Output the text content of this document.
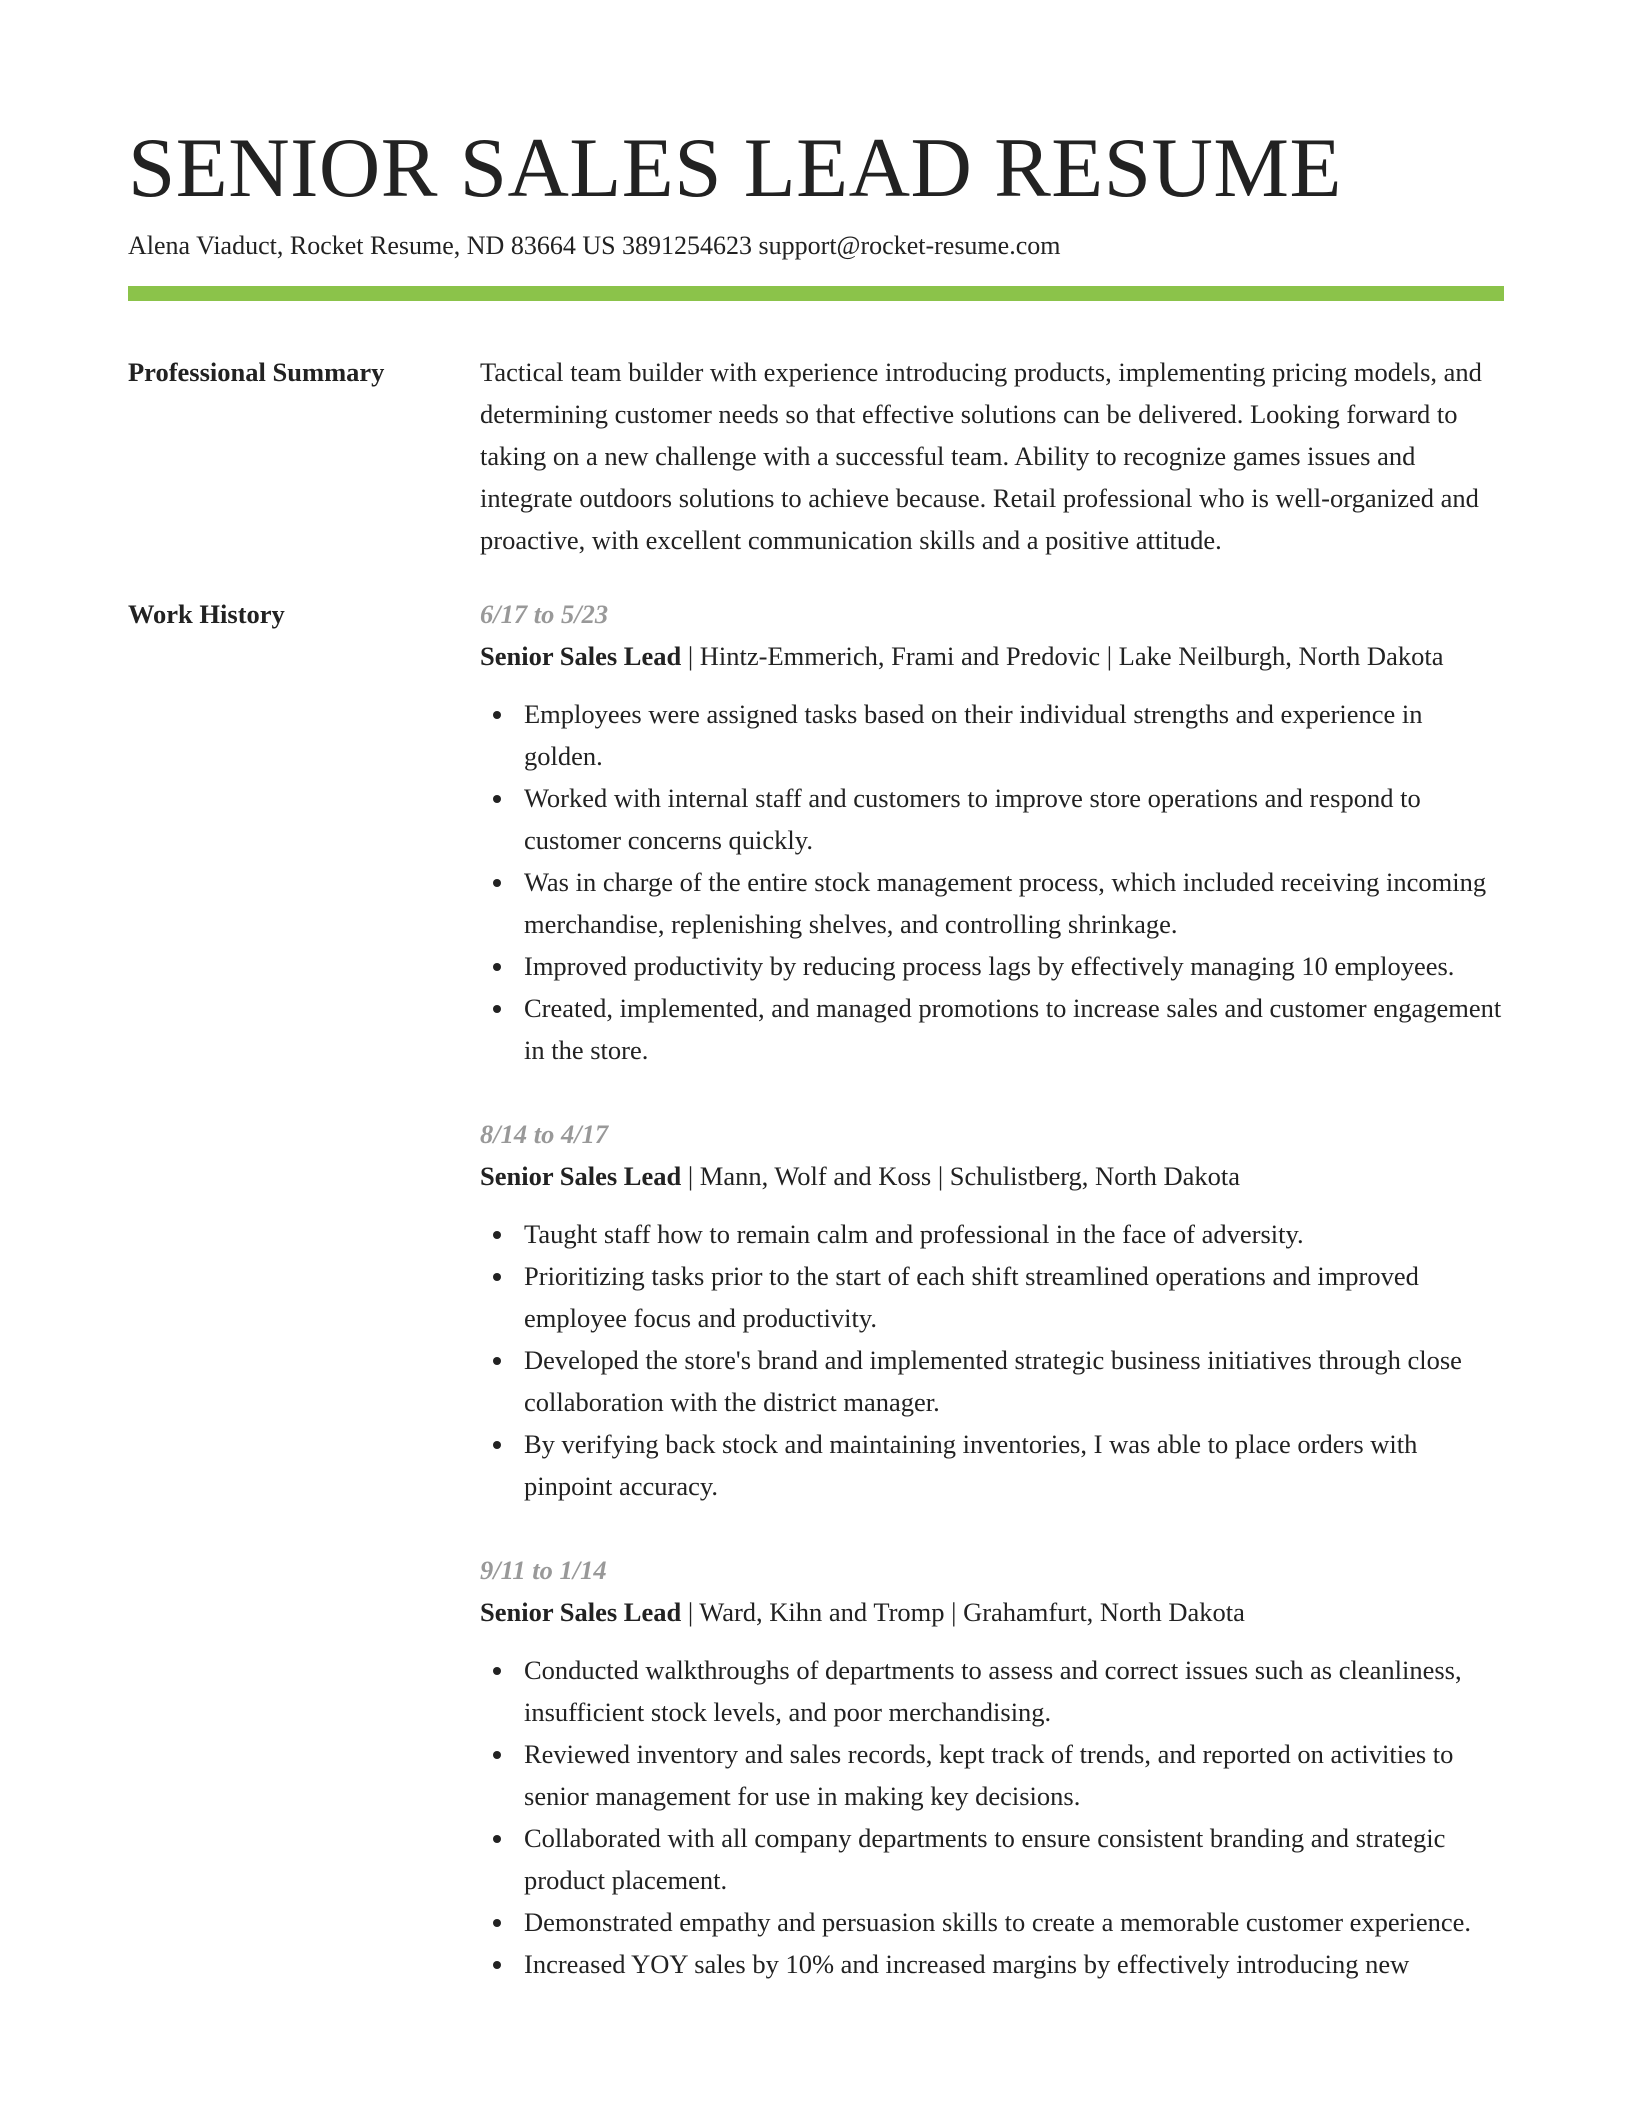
SENIOR SALES LEAD RESUME
Alena Viaduct, Rocket Resume, ND 83664 US 3891254623 support@rocket-resume.com
Professional Summary	Tactical team builder with experience introducing products, implementing pricing models, and determining customer needs so that effective solutions can be delivered. Looking forward to taking on a new challenge with a successful team. Ability to recognize games issues and integrate outdoors solutions to achieve because. Retail professional who is well-organized and proactive, with excellent communication skills and a positive attitude.

Work History	6/17 to 5/23

Senior Sales Lead | Hintz-Emmerich, Frami and Predovic | Lake Neilburgh, North Dakota

Employees were assigned tasks based on their individual strengths and experience in golden.
Worked with internal staff and customers to improve store operations and respond to customer concerns quickly.
Was in charge of the entire stock management process, which included receiving incoming merchandise, replenishing shelves, and controlling shrinkage.
Improved productivity by reducing process lags by effectively managing 10 employees.
Created, implemented, and managed promotions to increase sales and customer engagement in the store.
8/14 to 4/17

Senior Sales Lead | Mann, Wolf and Koss | Schulistberg, North Dakota

Taught staff how to remain calm and professional in the face of adversity.
Prioritizing tasks prior to the start of each shift streamlined operations and improved employee focus and productivity.
Developed the store's brand and implemented strategic business initiatives through close collaboration with the district manager.
By verifying back stock and maintaining inventories, I was able to place orders with pinpoint accuracy.
9/11 to 1/14

Senior Sales Lead | Ward, Kihn and Tromp | Grahamfurt, North Dakota

Conducted walkthroughs of departments to assess and correct issues such as cleanliness, insufficient stock levels, and poor merchandising.
Reviewed inventory and sales records, kept track of trends, and reported on activities to senior management for use in making key decisions.
Collaborated with all company departments to ensure consistent branding and strategic product placement.
Demonstrated empathy and persuasion skills to create a memorable customer experience.
Increased YOY sales by 10% and increased margins by effectively introducing new
